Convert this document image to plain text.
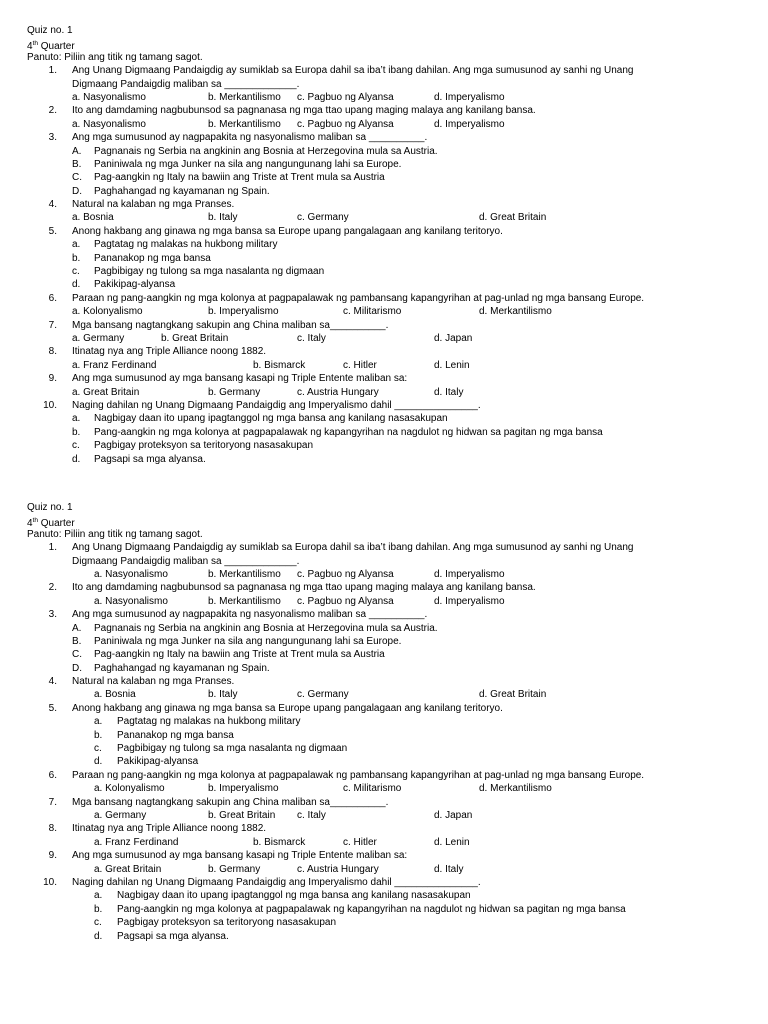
Quiz no. 1
4th Quarter
Panuto: Piliin ang titik ng tamang sagot.
1. Ang Unang Digmaang Pandaigdig ay sumiklab sa Europa dahil sa iba’t ibang dahilan. Ang mga sumusunod ay sanhi ng Unang
Digmaang Pandaigdig maliban sa _____________.
a. Nasyonalismo	b. Merkantilismo c. Pagbuo ng Alyansa	d. Imperyalismo
2. Ito ang damdaming nagbubunsod sa pagnanasa ng mga ttao upang maging malaya ang kanilang bansa.
a. Nasyonalismo	b. Merkantilismo c. Pagbuo ng Alyansa	d. Imperyalismo
3. Ang mga sumusunod ay nagpapakita ng nasyonalismo maliban sa __________.
A. Pagnanais ng Serbia na angkinin ang Bosnia at Herzegovina mula sa Austria.
B. Paniniwala ng mga Junker na sila ang nangungunang lahi sa Europe.
C. Pag-aangkin ng Italy na bawiin ang Triste at Trent mula sa Austria
D. Paghahangad ng kayamanan ng Spain.
4. Natural na kalaban ng mga Pranses.
a. Bosnia	b. Italy	c. Germany	d. Great Britain
5. Anong hakbang ang ginawa ng mga bansa sa Europe upang pangalagaan ang kanilang teritoryo.
a. Pagtatag ng malakas na hukbong military
b. Pananakop ng mga bansa
c. Pagbibigay ng tulong sa mga nasalanta ng digmaan
d. Pakikipag-alyansa
6. Paraan ng pang-aangkin ng mga kolonya at pagpapalawak ng pambansang kapangyrihan at pag-unlad ng mga bansang Europe.
a. Kolonyalismo	b. Imperyalismo	c. Militarismo	d. Merkantilismo
7. Mga bansang nagtangkang sakupin ang China maliban sa__________.
a. Germany	b. Great Britain	c. Italy	d. Japan
8. Itinatag nya ang Triple Alliance noong 1882.
a. Franz Ferdinand	b. Bismarck	c. Hitler	d. Lenin
9. Ang mga sumusunod ay mga bansang kasapi ng Triple Entente maliban sa:
a. Great Britain	b. Germany	c. Austria Hungary	d. Italy
10. Naging dahilan ng Unang Digmaang Pandaigdig ang Imperyalismo dahil _______________.
a. Nagbigay daan ito upang ipagtanggol ng mga bansa ang kanilang nasasakupan
b. Pang-aangkin ng mga kolonya at pagpapalawak ng kapangyrihan na nagdulot ng hidwan sa pagitan ng mga bansa
c. Pagbigay proteksyon sa teritoryong nasasakupan
d. Pagsapi sa mga alyansa.
Quiz no. 1
4th Quarter
Panuto: Piliin ang titik ng tamang sagot.
1. Ang Unang Digmaang Pandaigdig ay sumiklab sa Europa dahil sa iba’t ibang dahilan. Ang mga sumusunod ay sanhi ng Unang
Digmaang Pandaigdig maliban sa _____________.
a. Nasyonalismo	b. Merkantilismo c. Pagbuo ng Alyansa	d. Imperyalismo
2. Ito ang damdaming nagbubunsod sa pagnanasa ng mga ttao upang maging malaya ang kanilang bansa.
a. Nasyonalismo	b. Merkantilismo c. Pagbuo ng Alyansa	d. Imperyalismo
3. Ang mga sumusunod ay nagpapakita ng nasyonalismo maliban sa __________.
A. Pagnanais ng Serbia na angkinin ang Bosnia at Herzegovina mula sa Austria.
B. Paniniwala ng mga Junker na sila ang nangungunang lahi sa Europe.
C. Pag-aangkin ng Italy na bawiin ang Triste at Trent mula sa Austria
D. Paghahangad ng kayamanan ng Spain.
4. Natural na kalaban ng mga Pranses.
a. Bosnia	b. Italy	c. Germany	d. Great Britain
5. Anong hakbang ang ginawa ng mga bansa sa Europe upang pangalagaan ang kanilang teritoryo.
a. Pagtatag ng malakas na hukbong military
b. Pananakop ng mga bansa
c. Pagbibigay ng tulong sa mga nasalanta ng digmaan
d. Pakikipag-alyansa
6. Paraan ng pang-aangkin ng mga kolonya at pagpapalawak ng pambansang kapangyrihan at pag-unlad ng mga bansang Europe.
a. Kolonyalismo	b. Imperyalismo	c. Militarismo	d. Merkantilismo
7. Mga bansang nagtangkang sakupin ang China maliban sa__________.
a. Germany	b. Great Britain c. Italy	d. Japan
8. Itinatag nya ang Triple Alliance noong 1882.
a. Franz Ferdinand	b. Bismarck	c. Hitler	d. Lenin
9. Ang mga sumusunod ay mga bansang kasapi ng Triple Entente maliban sa:
a. Great Britain	b. Germany	c. Austria Hungary	d. Italy
10. Naging dahilan ng Unang Digmaang Pandaigdig ang Imperyalismo dahil _______________.
a. Nagbigay daan ito upang ipagtanggol ng mga bansa ang kanilang nasasakupan
b. Pang-aangkin ng mga kolonya at pagpapalawak ng kapangyrihan na nagdulot ng hidwan sa pagitan ng mga bansa
c. Pagbigay proteksyon sa teritoryong nasasakupan
d. Pagsapi sa mga alyansa.
